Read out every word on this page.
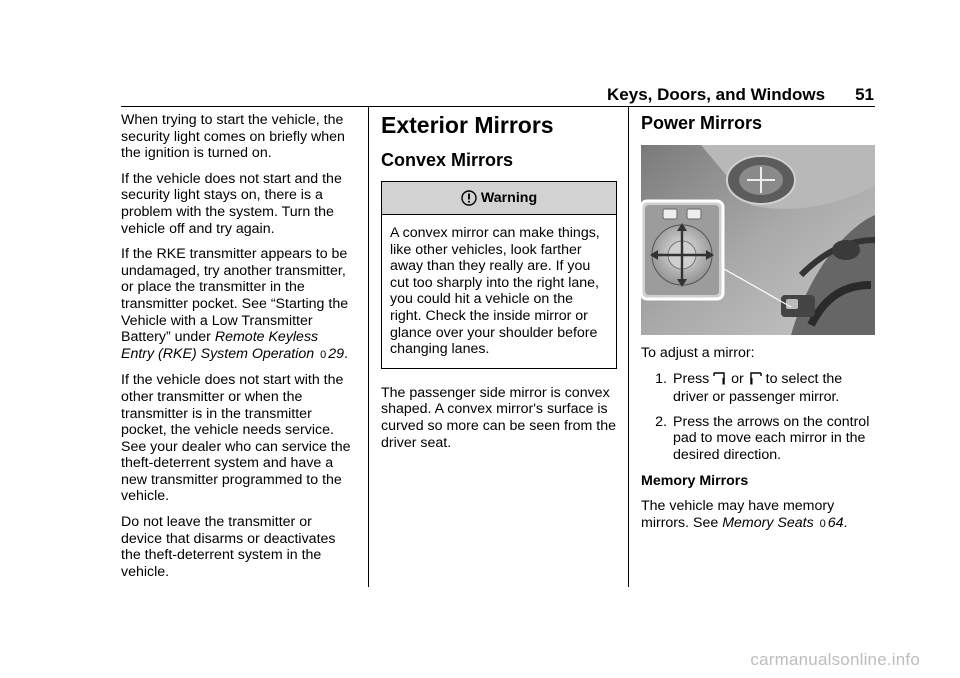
Keys, Doors, and Windows 51

When trying to start the vehicle, the security light comes on briefly when the ignition is turned on.

If the vehicle does not start and the security light stays on, there is a problem with the system. Turn the vehicle off and try again.

If the RKE transmitter appears to be undamaged, try another transmitter, or place the transmitter in the transmitter pocket. See “Starting the Vehicle with a Low Transmitter Battery” under Remote Keyless Entry (RKE) System Operation 0 29.

If the vehicle does not start with the other transmitter or when the transmitter is in the transmitter pocket, the vehicle needs service. See your dealer who can service the theft-deterrent system and have a new transmitter programmed to the vehicle.

Do not leave the transmitter or device that disarms or deactivates the theft-deterrent system in the vehicle.

Exterior Mirrors
Convex Mirrors
Warning
A convex mirror can make things, like other vehicles, look farther away than they really are. If you cut too sharply into the right lane, you could hit a vehicle on the right. Check the inside mirror or glance over your shoulder before changing lanes.

The passenger side mirror is convex shaped. A convex mirror's surface is curved so more can be seen from the driver seat.

Power Mirrors

To adjust a mirror:

1. Press  or  to select the driver or passenger mirror.
2. Press the arrows on the control pad to move each mirror in the desired direction.

Memory Mirrors

The vehicle may have memory mirrors. See Memory Seats 0 64.

carmanualsonline.info
